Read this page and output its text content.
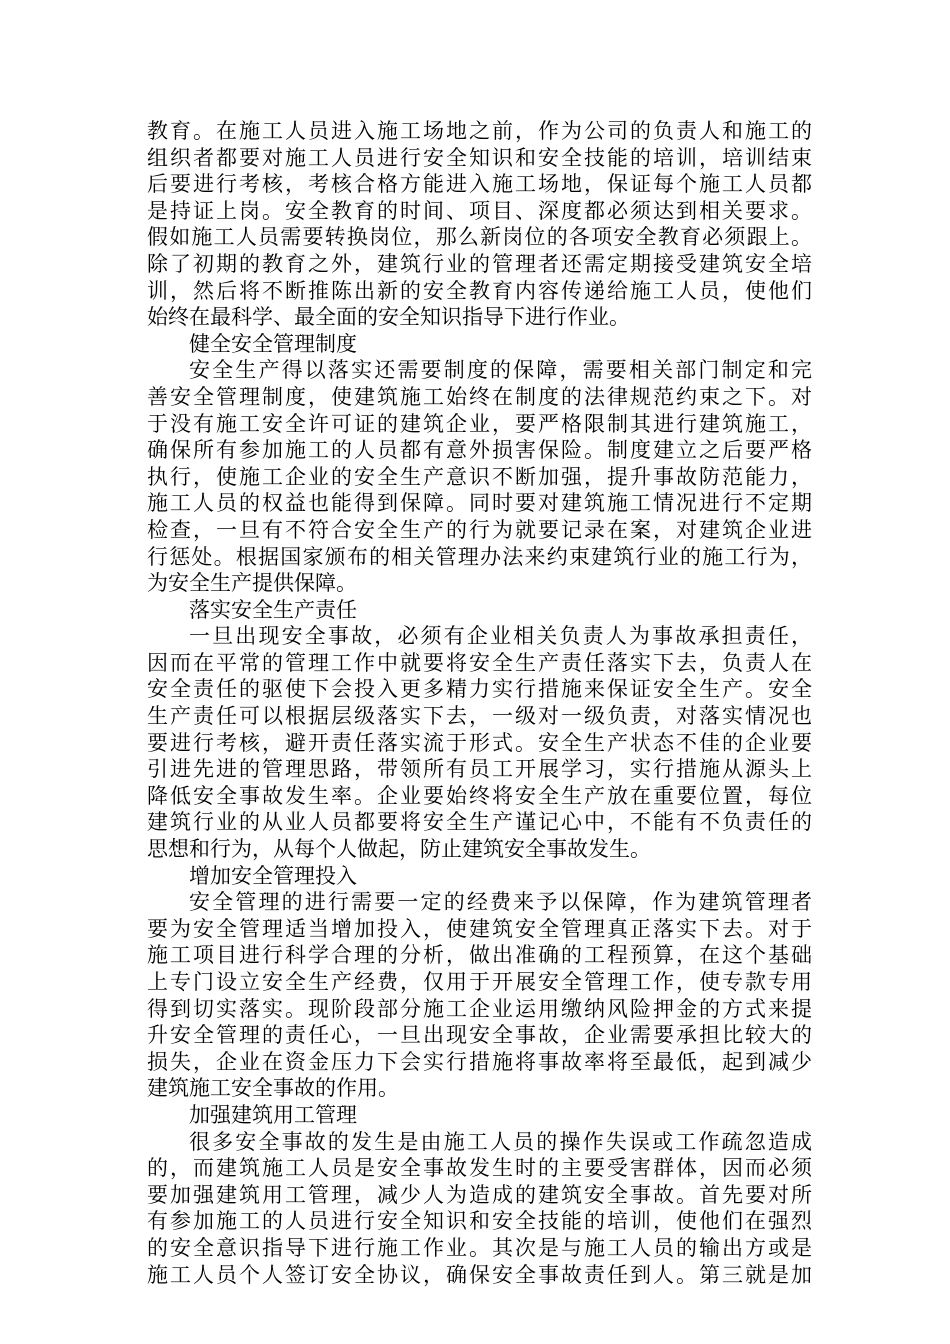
教育。在施工人员进入施工场地之前，作为公司的负责人和施工的
组织者都要对施工人员进行安全知识和安全技能的培训，培训结束
后要进行考核，考核合格方能进入施工场地，保证每个施工人员都
是持证上岗。安全教育的时间、项目、深度都必须达到相关要求。
假如施工人员需要转换岗位，那么新岗位的各项安全教育必须跟上。
除了初期的教育之外，建筑行业的管理者还需定期接受建筑安全培
训，然后将不断推陈出新的安全教育内容传递给施工人员，使他们
始终在最科学、最全面的安全知识指导下进行作业。
健全安全管理制度
安全生产得以落实还需要制度的保障，需要相关部门制定和完
善安全管理制度，使建筑施工始终在制度的法律规范约束之下。对
于没有施工安全许可证的建筑企业，要严格限制其进行建筑施工，
确保所有参加施工的人员都有意外损害保险。制度建立之后要严格
执行，使施工企业的安全生产意识不断加强，提升事故防范能力，
施工人员的权益也能得到保障。同时要对建筑施工情况进行不定期
检查，一旦有不符合安全生产的行为就要记录在案，对建筑企业进
行惩处。根据国家颁布的相关管理办法来约束建筑行业的施工行为，
为安全生产提供保障。
落实安全生产责任
一旦出现安全事故，必须有企业相关负责人为事故承担责任，
因而在平常的管理工作中就要将安全生产责任落实下去，负责人在
安全责任的驱使下会投入更多精力实行措施来保证安全生产。安全
生产责任可以根据层级落实下去，一级对一级负责，对落实情况也
要进行考核，避开责任落实流于形式。安全生产状态不佳的企业要
引进先进的管理思路，带领所有员工开展学习，实行措施从源头上
降低安全事故发生率。企业要始终将安全生产放在重要位置，每位
建筑行业的从业人员都要将安全生产谨记心中，不能有不负责任的
思想和行为，从每个人做起，防止建筑安全事故发生。
增加安全管理投入
安全管理的进行需要一定的经费来予以保障，作为建筑管理者
要为安全管理适当增加投入，使建筑安全管理真正落实下去。对于
施工项目进行科学合理的分析，做出准确的工程预算，在这个基础
上专门设立安全生产经费，仅用于开展安全管理工作，使专款专用
得到切实落实。现阶段部分施工企业运用缴纳风险押金的方式来提
升安全管理的责任心，一旦出现安全事故，企业需要承担比较大的
损失，企业在资金压力下会实行措施将事故率将至最低，起到减少
建筑施工安全事故的作用。
加强建筑用工管理
很多安全事故的发生是由施工人员的操作失误或工作疏忽造成
的，而建筑施工人员是安全事故发生时的主要受害群体，因而必须
要加强建筑用工管理，减少人为造成的建筑安全事故。首先要对所
有参加施工的人员进行安全知识和安全技能的培训，使他们在强烈
的安全意识指导下进行施工作业。其次是与施工人员的输出方或是
施工人员个人签订安全协议，确保安全事故责任到人。第三就是加
